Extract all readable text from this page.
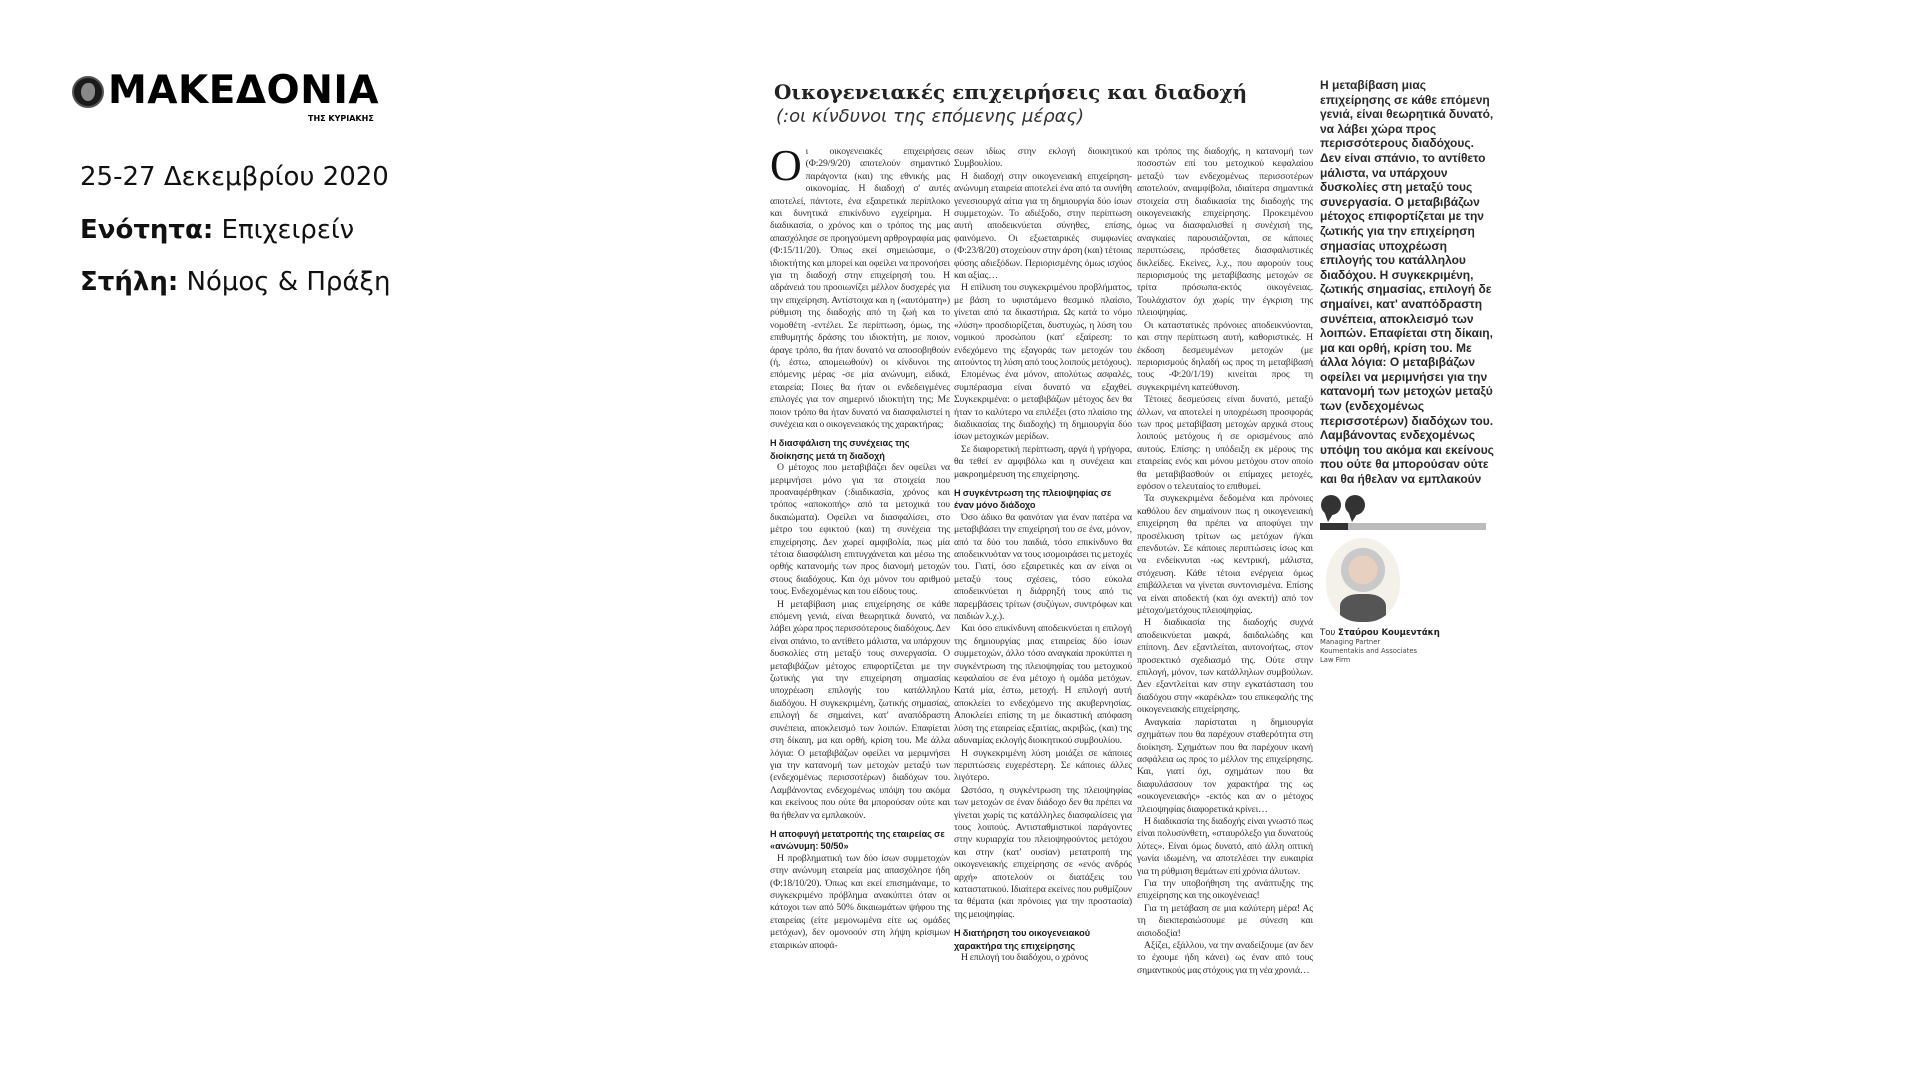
ΜΑΚΕΔΟΝΙΑ
ΤΗΣ ΚΥΡΙΑΚΗΣ
25-27 Δεκεμβρίου 2020
Ενότητα: Επιχειρείν
Στήλη: Νόμος & Πράξη
Οικογενειακές επιχειρήσεις και διαδοχή
(:οι κίνδυνοι της επόμενης μέρας)

Οι οικογενειακές επιχειρήσεις (Φ:29/9/20) αποτελούν σημαντικό παράγοντα (και) της εθνικής μας οικονομίας. Η διαδοχή σ' αυτές αποτελεί, πάντοτε, ένα εξαιρετικά περίπλοκο και δυνητικά επικίνδυνο εγχείρημα. Η διαδικασία, ο χρόνος και ο τρόπος της μας απασχόλησε σε προηγούμενη αρθρογραφία μας (Φ:15/11/20). Όπως εκεί σημειώσαμε, ο ιδιοκτήτης και μπορεί και οφείλει να προνοήσει για τη διαδοχή στην επιχείρησή του. Η αδράνειά του προοιωνίζει μέλλον δυσχερές για την επιχείρηση. Αντίστοιχα και η («αυτόματη») ρύθμιση της διαδοχής από τη ζωή και το νομοθέτη -εντέλει. Σε περίπτωση, όμως, της επιθυμητής δράσης του ιδιοκτήτη, με ποιον, άραγε τρόπο, θα ήταν δυνατό να αποσοβηθούν (ή, έστω, απομειωθούν) οι κίνδυνοι της επόμενης μέρας -σε μία ανώνυμη, ειδικά, εταιρεία; Ποιες θα ήταν οι ενδεδειγμένες επιλογές για τον σημερινό ιδιοκτήτη της; Με ποιον τρόπο θα ήταν δυνατό να διασφαλιστεί η συνέχεια και ο οικογενειακός της χαρακτήρας;

Η διασφάλιση της συνέχειας της διοίκησης μετά τη διαδοχή

Ο μέτοχος που μεταβιβάζει δεν οφείλει να μεριμνήσει μόνο για τα στοιχεία που προαναφέρθηκαν (:διαδικασία, χρόνος και τρόπος «αποκοπής» από τα μετοχικά του δικαιώματα). Οφείλει να διασφαλίσει, στο μέτρο του εφικτού (και) τη συνέχεια της επιχείρησης. Δεν χωρεί αμφιβολία, πως μία τέτοια διασφάλιση επιτυγχάνεται και μέσω της ορθής κατανομής των προς διανομή μετοχών στους διαδόχους. Και όχι μόνον του αριθμού τους. Ενδεχομένως και του είδους τους.

Η μεταβίβαση μιας επιχείρησης σε κάθε επόμενη γενιά, είναι θεωρητικά δυνατό, να λάβει χώρα προς περισσότερους διαδόχους. Δεν είναι σπάνιο, το αντίθετο μάλιστα, να υπάρχουν δυσκολίες στη μεταξύ τους συνεργασία. Ο μεταβιβάζων μέτοχος επιφορτίζεται με την ζωτικής για την επιχείρηση σημασίας υποχρέωση επιλογής του κατάλληλου διαδόχου. Η συγκεκριμένη, ζωτικής σημασίας, επιλογή δε σημαίνει, κατ' αναπόδραστη συνέπεια, αποκλεισμό των λοιπών. Επαφίεται στη δίκαιη, μα και ορθή, κρίση του. Με άλλα λόγια: Ο μεταβιβάζων οφείλει να μεριμνήσει για την κατανομή των μετοχών μεταξύ των (ενδεχομένως περισσοτέρων) διαδόχων του. Λαμβάνοντας ενδεχομένως υπόψη του ακόμα και εκείνους που ούτε θα μπορούσαν ούτε και θα ήθελαν να εμπλακούν.

Η αποφυγή μετατροπής της εταιρείας σε «ανώνυμη: 50/50»

Η προβληματική των δύο ίσων συμμετοχών στην ανώνυμη εταιρεία μας απασχόλησε ήδη (Φ:18/10/20). Όπως και εκεί επισημάναμε, το συγκεκριμένο πρόβλημα ανακύπτει όταν οι κάτοχοι των από 50% δικαιωμάτων ψήφου της εταιρείας (είτε μεμονωμένα είτε ως ομάδες μετόχων), δεν ομονοούν στη λήψη κρίσιμων εταιρικών αποφά-

σεων ιδίως στην εκλογή διοικητικού Συμβουλίου.

Η διαδοχή στην οικογενειακή επιχείρηση-ανώνυμη εταιρεία αποτελεί ένα από τα συνήθη γενεσιουργά αίτια για τη δημιουργία δύο ίσων συμμετοχών. Το αδιέξοδο, στην περίπτωση αυτή αποδεικνύεται σύνηθες, επίσης, φαινόμενο. Οι εξωεταιρικές συμφωνίες (Φ:23/8/20) στοχεύουν στην άρση (και) τέτοιας φύσης αδιεξόδων. Περιορισμένης όμως ισχύος και αξίας…

Η επίλυση του συγκεκριμένου προβλήματος, με βάση το υφιστάμενο θεσμικό πλαίσιο, γίνεται από τα δικαστήρια. Ως κατά το νόμο «λύση» προσδιορίζεται, δυστυχώς, η λύση του νομικού προσώπου (κατ' εξαίρεση: το ενδεχόμενο της εξαγοράς των μετοχών του αιτούντος τη λύση από τους λοιπούς μετόχους).

Επομένως ένα μόνον, απολύτως ασφαλές, συμπέρασμα είναι δυνατό να εξαχθεί. Συγκεκριμένα: ο μεταβιβάζων μέτοχος δεν θα ήταν το καλύτερο να επιλέξει (στο πλαίσιο της διαδικασίας της διαδοχής) τη δημιουργία δύο ίσων μετοχικών μερίδων.

Σε διαφορετική περίπτωση, αργά ή γρήγορα, θα τεθεί εν αμφιβόλω και η συνέχεια και μακροημέρευση της επιχείρησης.

Η συγκέντρωση της πλειοψηφίας σε έναν μόνο διάδοχο

Όσο άδικο θα φαινόταν για έναν πατέρα να μεταβιβάσει την επιχείρησή του σε ένα, μόνον, από τα δύο του παιδιά, τόσο επικίνδυνο θα αποδεικνυόταν να τους ισομοιράσει τις μετοχές του. Γιατί, όσο εξαιρετικές και αν είναι οι μεταξύ τους σχέσεις, τόσο εύκολα αποδεικνύεται η διάρρηξή τους από τις παρεμβάσεις τρίτων (συζύγων, συντρόφων και παιδιών λ.χ.).

Και όσο επικίνδυνη αποδεικνύεται η επιλογή της δημιουργίας μιας εταιρείας δύο ίσων συμμετοχών, άλλο τόσο αναγκαία προκύπτει η συγκέντρωση της πλειοψηφίας του μετοχικού κεφαλαίου σε ένα μέτοχο ή ομάδα μετόχων. Κατά μία, έστω, μετοχή. Η επιλογή αυτή αποκλείει το ενδεχόμενο της ακυβερνησίας. Αποκλείει επίσης τη με δικαστική απόφαση λύση της εταιρείας εξαιτίας, ακριβώς, (και) της αδυναμίας εκλογής διοικητικού συμβουλίου.

Η συγκεκριμένη λύση μοιάζει σε κάποιες περιπτώσεις ευχερέστερη. Σε κάποιες άλλες λιγότερο.

Ωστόσο, η συγκέντρωση της πλειοψηφίας των μετοχών σε έναν διάδοχο δεν θα πρέπει να γίνεται χωρίς τις κατάλληλες διασφαλίσεις για τους λοιπούς. Αντισταθμιστικοί παράγοντες στην κυριαρχία του πλειοψηφούντος μετόχου και στην (κατ' ουσίαν) μετατροπή της οικογενειακής επιχείρησης σε «ενός ανδρός αρχή» αποτελούν οι διατάξεις του καταστατικού. Ιδιαίτερα εκείνες που ρυθμίζουν τα θέματα (και πρόνοιες για την προστασία) της μειοψηφίας.

Η διατήρηση του οικογενειακού χαρακτήρα της επιχείρησης

Η επιλογή του διαδόχου, ο χρόνος

και τρόπος της διαδοχής, η κατανομή των ποσοστών επί του μετοχικού κεφαλαίου μεταξύ των ενδεχομένως περισσοτέρων αποτελούν, αναμφίβολα, ιδιαίτερα σημαντικά στοιχεία στη διαδικασία της διαδοχής της οικογενειακής επιχείρησης. Προκειμένου όμως να διασφαλισθεί η συνέχισή της, αναγκαίες παρουσιάζονται, σε κάποιες περιπτώσεις, πρόσθετες διασφαλιστικές δικλείδες. Εκείνες, λ.χ., που αφορούν τους περιορισμούς της μεταβίβασης μετοχών σε τρίτα πρόσωπα-εκτός οικογένειας. Τουλάχιστον όχι χωρίς την έγκριση της πλειοψηφίας.

Οι καταστατικές πρόνοιες αποδεικνύονται, και στην περίπτωση αυτή, καθοριστικές. Η έκδοση δεσμευμένων μετοχών (με περιορισμούς δηλαδή ως προς τη μεταβίβασή τους -Φ:20/1/19) κινείται προς τη συγκεκριμένη κατεύθυνση.

Τέτοιες δεσμεύσεις είναι δυνατό, μεταξύ άλλων, να αποτελεί η υποχρέωση προσφοράς των προς μεταβίβαση μετοχών αρχικά στους λοιπούς μετόχους ή σε ορισμένους από αυτούς. Επίσης: η υπόδειξη εκ μέρους της εταιρείας ενός και μόνου μετόχου στον οποίο θα μεταβιβασθούν οι επίμαχες μετοχές, εφόσον ο τελευταίος το επιθυμεί.

Τα συγκεκριμένα δεδομένα και πρόνοιες καθόλου δεν σημαίνουν πως η οικογενειακή επιχείρηση θα πρέπει να αποφύγει την προσέλκυση τρίτων ως μετόχων ή/και επενδυτών. Σε κάποιες περιπτώσεις ίσως και να ενδείκνυται -ως κεντρική, μάλιστα, στόχευση. Κάθε τέτοια ενέργεια όμως επιβάλλεται να γίνεται συντονισμένα. Επίσης να είναι αποδεκτή (και όχι ανεκτή) από τον μέτοχο/μετόχους πλειοψηφίας.

Η διαδικασία της διαδοχής συχνά αποδεικνύεται μακρά, δαιδαλώδης και επίπονη. Δεν εξαντλείται, αυτονοήτως, στον προσεκτικό σχεδιασμό της. Ούτε στην επιλογή, μόνον, των κατάλληλων συμβούλων. Δεν εξαντλείται καν στην εγκατάσταση του διαδόχου στην «καρέκλα» του επικεφαλής της οικογενειακής επιχείρησης.

Αναγκαία παρίσταται η δημιουργία σχημάτων που θα παρέχουν σταθερότητα στη διοίκηση. Σχημάτων που θα παρέχουν ικανή ασφάλεια ως προς το μέλλον της επιχείρησης. Και, γιατί όχι, σχημάτων που θα διαφυλάσσουν τον χαρακτήρα της ως «οικογενειακής» -εκτός και αν ο μέτοχος πλειοψηφίας διαφορετικά κρίνει…

Η διαδικασία της διαδοχής είναι γνωστό πως είναι πολυσύνθετη, «σταυρόλεξο για δυνατούς λύτες». Είναι όμως δυνατό, από άλλη οπτική γωνία ιδωμένη, να αποτελέσει την ευκαιρία για τη ρύθμιση θεμάτων επί χρόνια άλυτων.

Για την υποβοήθηση της ανάπτυξης της επιχείρησης και της οικογένειας!

Για τη μετάβαση σε μια καλύτερη μέρα! Ας τη διεκπεραιώσουμε με σύνεση και αισιοδοξία!

Αξίζει, εξάλλου, να την αναδείξουμε (αν δεν το έχουμε ήδη κάνει) ως έναν από τους σημαντικούς μας στόχους για τη νέα χρονιά…

Η μεταβίβαση μιας επιχείρησης σε κάθε επόμενη γενιά, είναι θεωρητικά δυνατό, να λάβει χώρα προς περισσότερους διαδόχους. Δεν είναι σπάνιο, το αντίθετο μάλιστα, να υπάρχουν δυσκολίες στη μεταξύ τους συνεργασία. Ο μεταβιβάζων μέτοχος επιφορτίζεται με την ζωτικής για την επιχείρηση σημασίας υποχρέωση επιλογής του κατάλληλου διαδόχου. Η συγκεκριμένη, ζωτικής σημασίας, επιλογή δε σημαίνει, κατ' αναπόδραστη συνέπεια, αποκλεισμό των λοιπών. Επαφίεται στη δίκαιη, μα και ορθή, κρίση του. Με άλλα λόγια: Ο μεταβιβάζων οφείλει να μεριμνήσει για την κατανομή των μετοχών μεταξύ των (ενδεχομένως περισσοτέρων) διαδόχων του. Λαμβάνοντας ενδεχομένως υπόψη του ακόμα και εκείνους που ούτε θα μπορούσαν ούτε και θα ήθελαν να εμπλακούν
Του Σταύρου Κουμεντάκη
Managing Partner
Koumentakis and Associates
Law Firm
